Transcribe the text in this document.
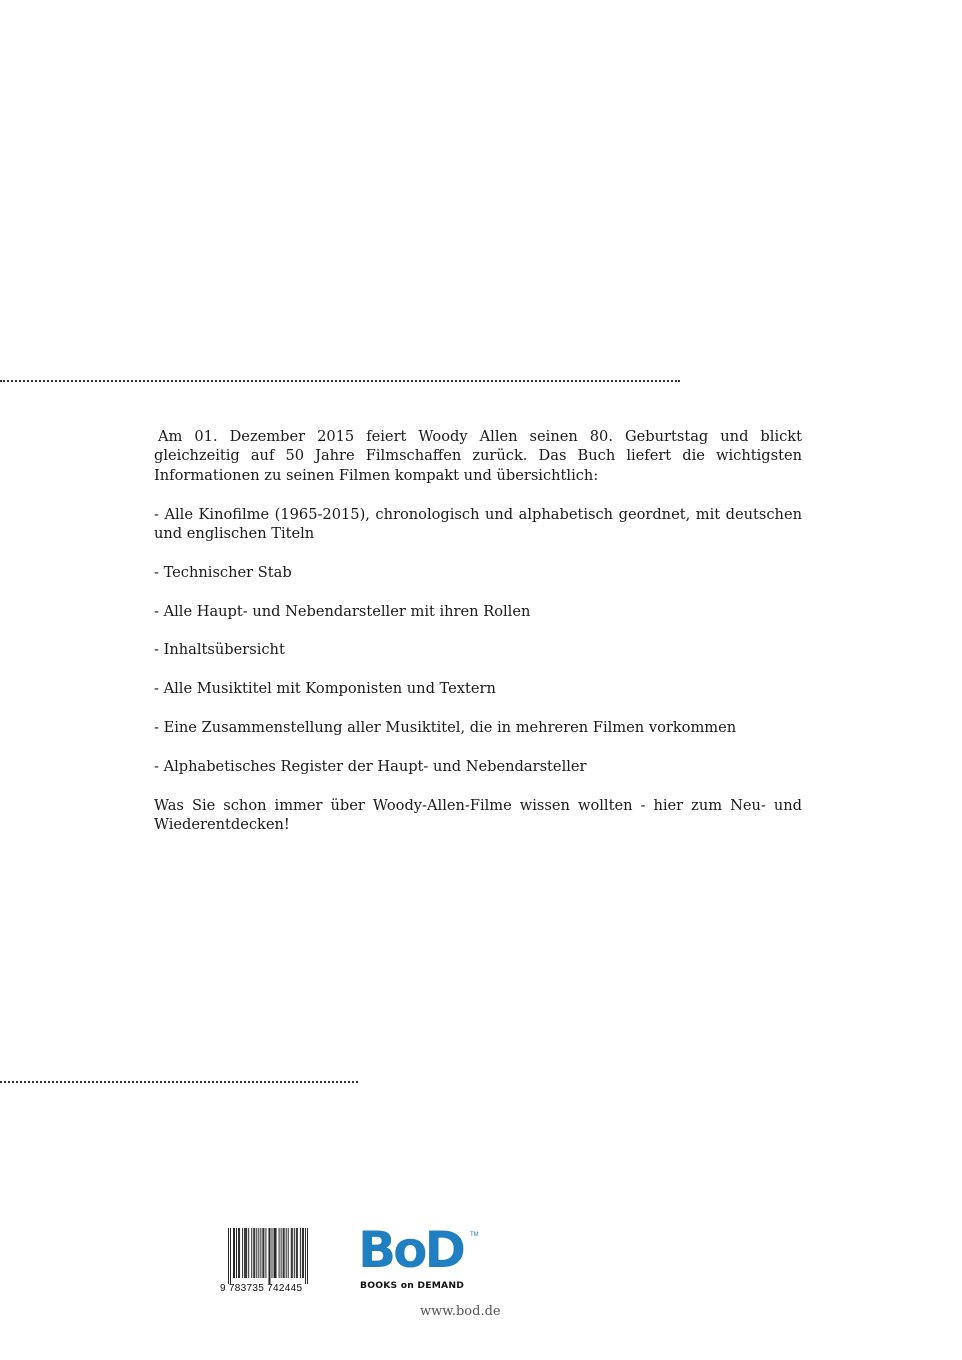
Am 01. Dezember 2015 feiert Woody Allen seinen 80. Geburtstag und blickt gleichzeitig auf 50 Jahre Filmschaffen zurück. Das Buch liefert die wichtigsten Informationen zu seinen Filmen kompakt und übersichtlich:

- Alle Kinofilme (1965-2015), chronologisch und alphabetisch geordnet, mit deutschen und englischen Titeln

- Technischer Stab

- Alle Haupt- und Nebendarsteller mit ihren Rollen

- Inhaltsübersicht

- Alle Musiktitel mit Komponisten und Textern

- Eine Zusammenstellung aller Musiktitel, die in mehreren Filmen vorkommen

- Alphabetisches Register der Haupt- und Nebendarsteller

Was Sie schon immer über Woody-Allen-Filme wissen wollten - hier zum Neu- und Wiederentdecken!

9 783735 742445
BoD TM
BOOKS on DEMAND
www.bod.de
